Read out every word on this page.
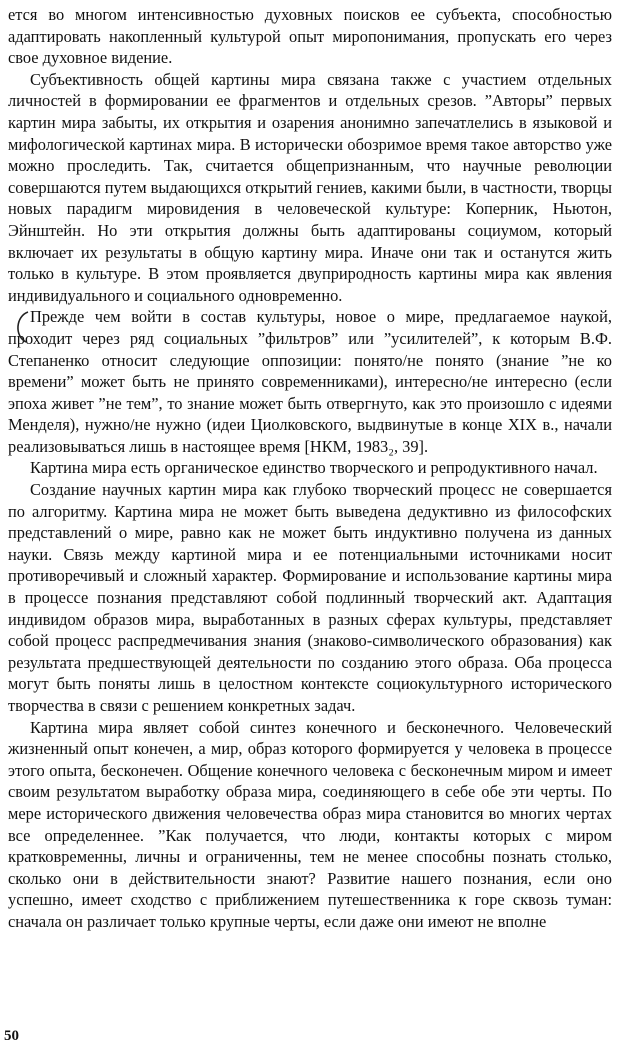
ется во многом интенсивностью духовных поисков ее субъекта, способностью адаптировать накопленный культурой опыт миропонимания, пропускать его через свое духовное видение.

Субъективность общей картины мира связана также с участием отдельных личностей в формировании ее фрагментов и отдельных срезов. ”Авторы” первых картин мира забыты, их открытия и озарения анонимно запечатлелись в языковой и мифологической картинах мира. В исторически обозримое время такое авторство уже можно проследить. Так, считается общепризнанным, что научные революции совершаются путем выдающихся открытий гениев, какими были, в частности, творцы новых парадигм мировидения в человеческой культуре: Коперник, Ньютон, Эйнштейн. Но эти открытия должны быть адаптированы социумом, который включает их результаты в общую картину мира. Иначе они так и останутся жить только в культуре. В этом проявляется двуприродность картины мира как явления индивидуального и социального одновременно.

Прежде чем войти в состав культуры, новое о мире, предлагаемое наукой, проходит через ряд социальных ”фильтров” или ”усилителей”, к которым В.Ф. Степаненко относит следующие оппозиции: понято/не понято (знание ”не ко времени” может быть не принято современниками), интересно/не интересно (если эпоха живет ”не тем”, то знание может быть отвергнуто, как это произошло с идеями Менделя), нужно/не нужно (идеи Циолковского, выдвинутые в конце XIX в., начали реализовываться лишь в настоящее время [НКМ, 1983₂, 39].

Картина мира есть органическое единство творческого и репродуктивного начал.

Создание научных картин мира как глубоко творческий процесс не совершается по алгоритму. Картина мира не может быть выведена дедуктивно из философских представлений о мире, равно как не может быть индуктивно получена из данных науки. Связь между картиной мира и ее потенциальными источниками носит противоречивый и сложный характер. Формирование и использование картины мира в процессе познания представляют собой подлинный творческий акт. Адаптация индивидом образов мира, выработанных в разных сферах культуры, представляет собой процесс распредмечивания знания (знаково-символического образования) как результата предшествующей деятельности по созданию этого образа. Оба процесса могут быть поняты лишь в целостном контексте социокультурного исторического творчества в связи с решением конкретных задач.

Картина мира являет собой синтез конечного и бесконечного. Человеческий жизненный опыт конечен, а мир, образ которого формируется у человека в процессе этого опыта, бесконечен. Общение конечного человека с бесконечным миром и имеет своим результатом выработку образа мира, соединяющего в себе обе эти черты. По мере исторического движения человечества образ мира становится во многих чертах все определеннее. ”Как получается, что люди, контакты которых с миром кратковременны, личны и ограниченны, тем не менее способны познать столько, сколько они в действительности знают? Развитие нашего познания, если оно успешно, имеет сходство с приближением путешественника к горе сквозь туман: сначала он различает только крупные черты, если даже они имеют не вполне

50
